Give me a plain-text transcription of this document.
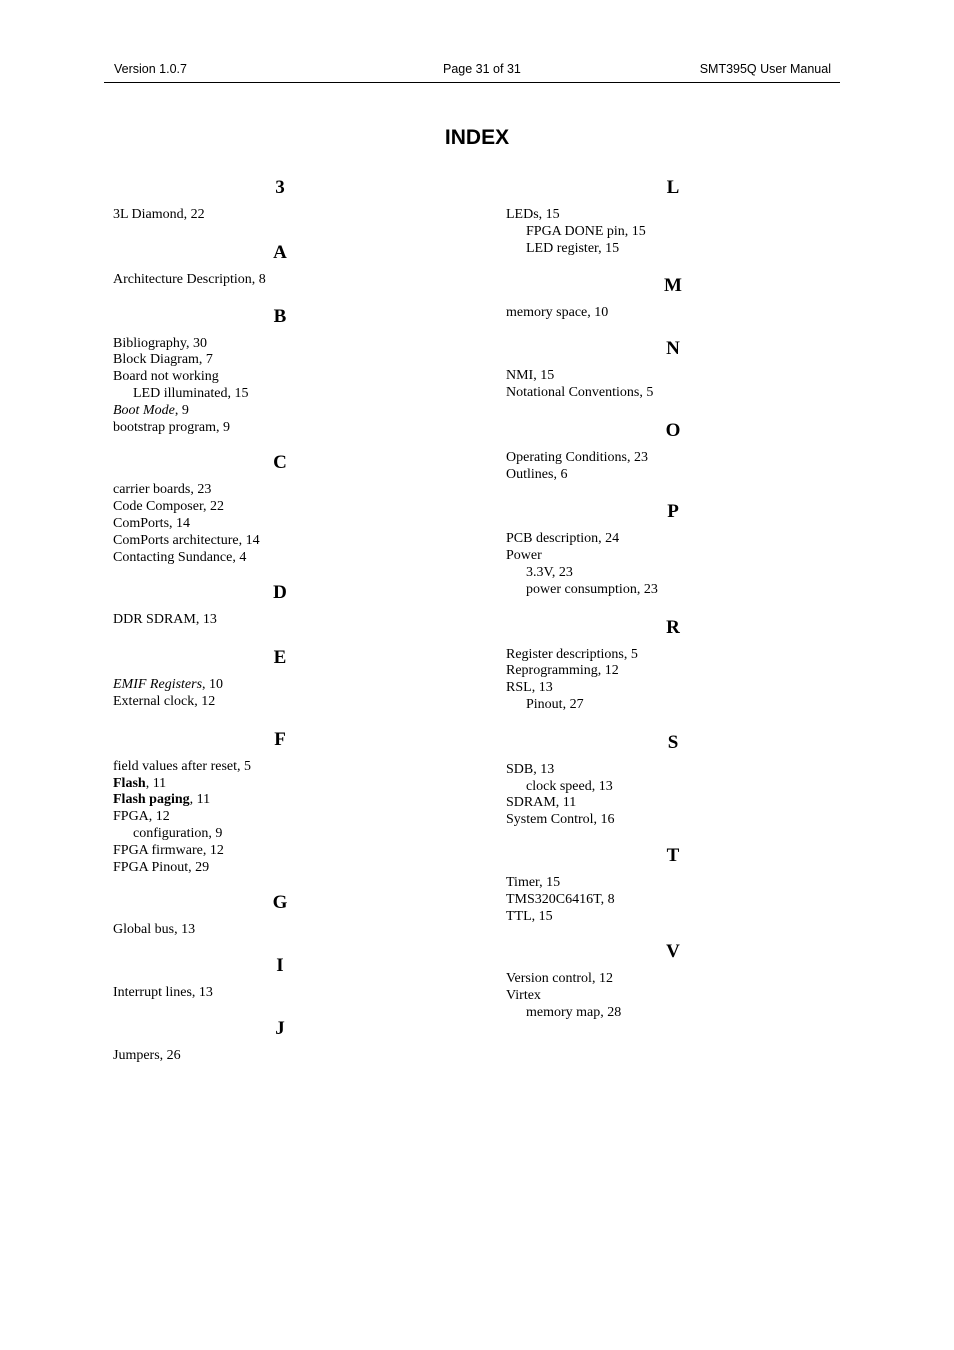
Version 1.0.7	Page 31 of 31	SMT395Q User Manual
INDEX
3
3L Diamond, 22
A
Architecture Description, 8
B
Bibliography, 30
Block Diagram, 7
Board not working
LED illuminated, 15
Boot Mode, 9
bootstrap program, 9
C
carrier boards, 23
Code Composer, 22
ComPorts, 14
ComPorts architecture, 14
Contacting Sundance, 4
D
DDR SDRAM, 13
E
EMIF Registers, 10
External clock, 12
F
field values after reset, 5
Flash, 11
Flash paging, 11
FPGA, 12
configuration, 9
FPGA firmware, 12
FPGA Pinout, 29
G
Global bus, 13
I
Interrupt lines, 13
J
Jumpers, 26
L
LEDs, 15
FPGA DONE pin, 15
LED register, 15
M
memory space, 10
N
NMI, 15
Notational Conventions, 5
O
Operating Conditions, 23
Outlines, 6
P
PCB description, 24
Power
3.3V, 23
power consumption, 23
R
Register descriptions, 5
Reprogramming, 12
RSL, 13
Pinout, 27
S
SDB, 13
clock speed, 13
SDRAM, 11
System Control, 16
T
Timer, 15
TMS320C6416T, 8
TTL, 15
V
Version control, 12
Virtex
memory map, 28
